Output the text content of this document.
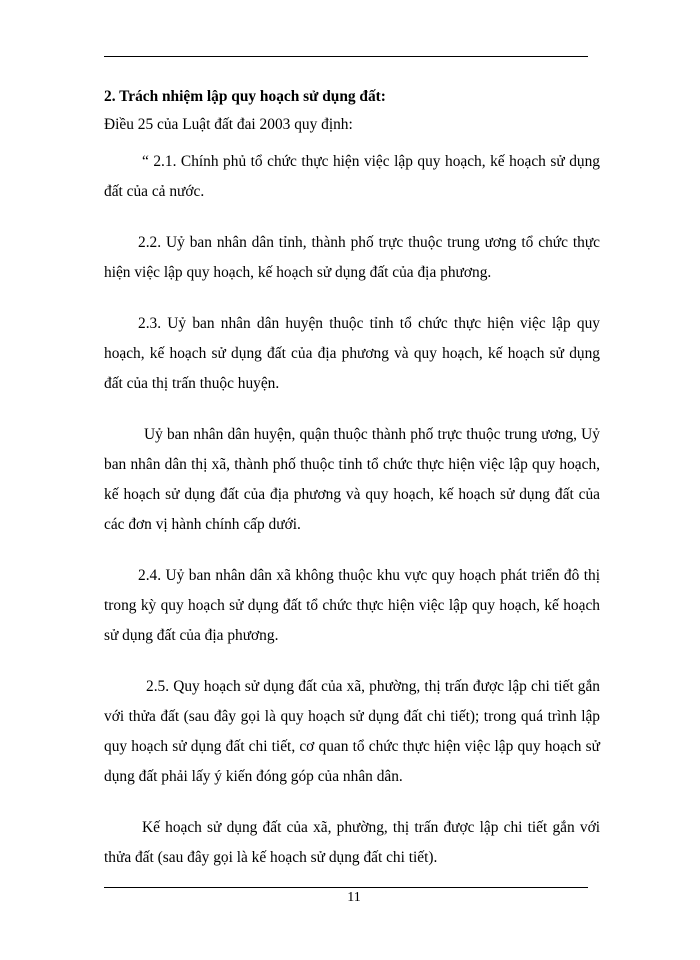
2. Trách nhiệm lập quy hoạch sử dụng đất:

Điều 25 của Luật đất đai 2003 quy định:

“ 2.1. Chính phủ tổ chức thực hiện việc lập quy hoạch, kế hoạch sử dụng đất của cả nước.

2.2. Uỷ ban nhân dân tỉnh, thành phố trực thuộc trung ương tổ chức thực hiện việc lập quy hoạch, kế hoạch sử dụng đất của địa phương.

2.3. Uỷ ban nhân dân huyện thuộc tỉnh tổ chức thực hiện việc lập quy hoạch, kế hoạch sử dụng đất của địa phương và quy hoạch, kế hoạch sử dụng đất của thị trấn thuộc huyện.

Uỷ ban nhân dân huyện, quận thuộc thành phố trực thuộc trung ương, Uỷ ban nhân dân thị xã, thành phố thuộc tỉnh tổ chức thực hiện việc lập quy hoạch, kế hoạch sử dụng đất của địa phương và quy hoạch, kế hoạch sử dụng đất của các đơn vị hành chính cấp dưới.

2.4. Uỷ ban nhân dân xã không thuộc khu vực quy hoạch phát triển đô thị trong kỳ quy hoạch sử dụng đất tổ chức thực hiện việc lập quy hoạch, kế hoạch sử dụng đất của địa phương.

2.5. Quy hoạch sử dụng đất của xã, phường, thị trấn được lập chi tiết gắn với thửa đất (sau đây gọi là quy hoạch sử dụng đất chi tiết); trong quá trình lập quy hoạch sử dụng đất chi tiết, cơ quan tổ chức thực hiện việc lập quy hoạch sử dụng đất phải lấy ý kiến đóng góp của nhân dân.

Kế hoạch sử dụng đất của xã, phường, thị trấn được lập chi tiết gắn với thửa đất (sau đây gọi là kế hoạch sử dụng đất chi tiết).

11
